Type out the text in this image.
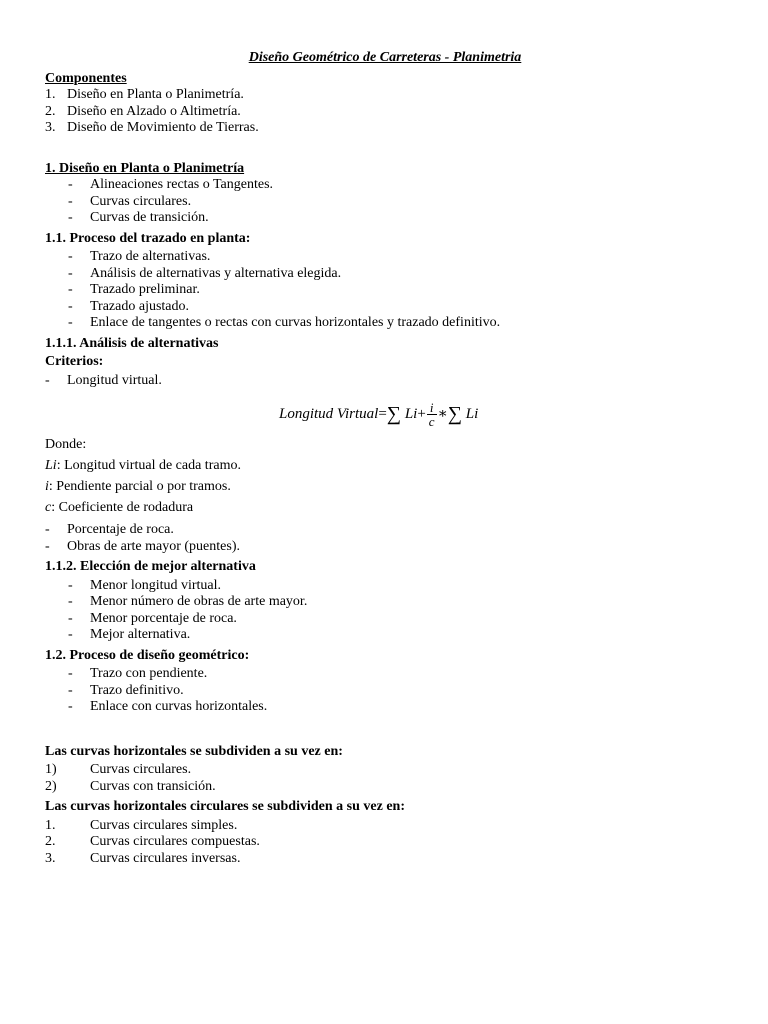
Diseño Geométrico de Carreteras - Planimetria

Componentes

1. Diseño en Planta o Planimetría.
2. Diseño en Alzado o Altimetría.
3. Diseño de Movimiento de Tierras.

1. Diseño en Planta o Planimetría

- Alineaciones rectas o Tangentes.
- Curvas circulares.
- Curvas de transición.

1.1. Proceso del trazado en planta:

- Trazo de alternativas.
- Análisis de alternativas y alternativa elegida.
- Trazado preliminar.
- Trazado ajustado.
- Enlace de tangentes o rectas con curvas horizontales y trazado definitivo.

1.1.1. Análisis de alternativas

Criterios:

- Longitud virtual.
Longitud Virtual=∑ $Li+ \frac{i}{c}$ ∗∑ Li

Donde:

Li: Longitud virtual de cada tramo.

i: Pendiente parcial o por tramos.

c: Coeficiente de rodadura

- Porcentaje de roca.
- Obras de arte mayor (puentes).

1.1.2. Elección de mejor alternativa

- Menor longitud virtual.
- Menor número de obras de arte mayor.
- Menor porcentaje de roca.
- Mejor alternativa.

1.2. Proceso de diseño geométrico:

- Trazo con pendiente.
- Trazo definitivo.
- Enlace con curvas horizontales.

Las curvas horizontales se subdividen a su vez en:

1) Curvas circulares.
2) Curvas con transición.

Las curvas horizontales circulares se subdividen a su vez en:

1. Curvas circulares simples.
2. Curvas circulares compuestas.
3. Curvas circulares inversas.
